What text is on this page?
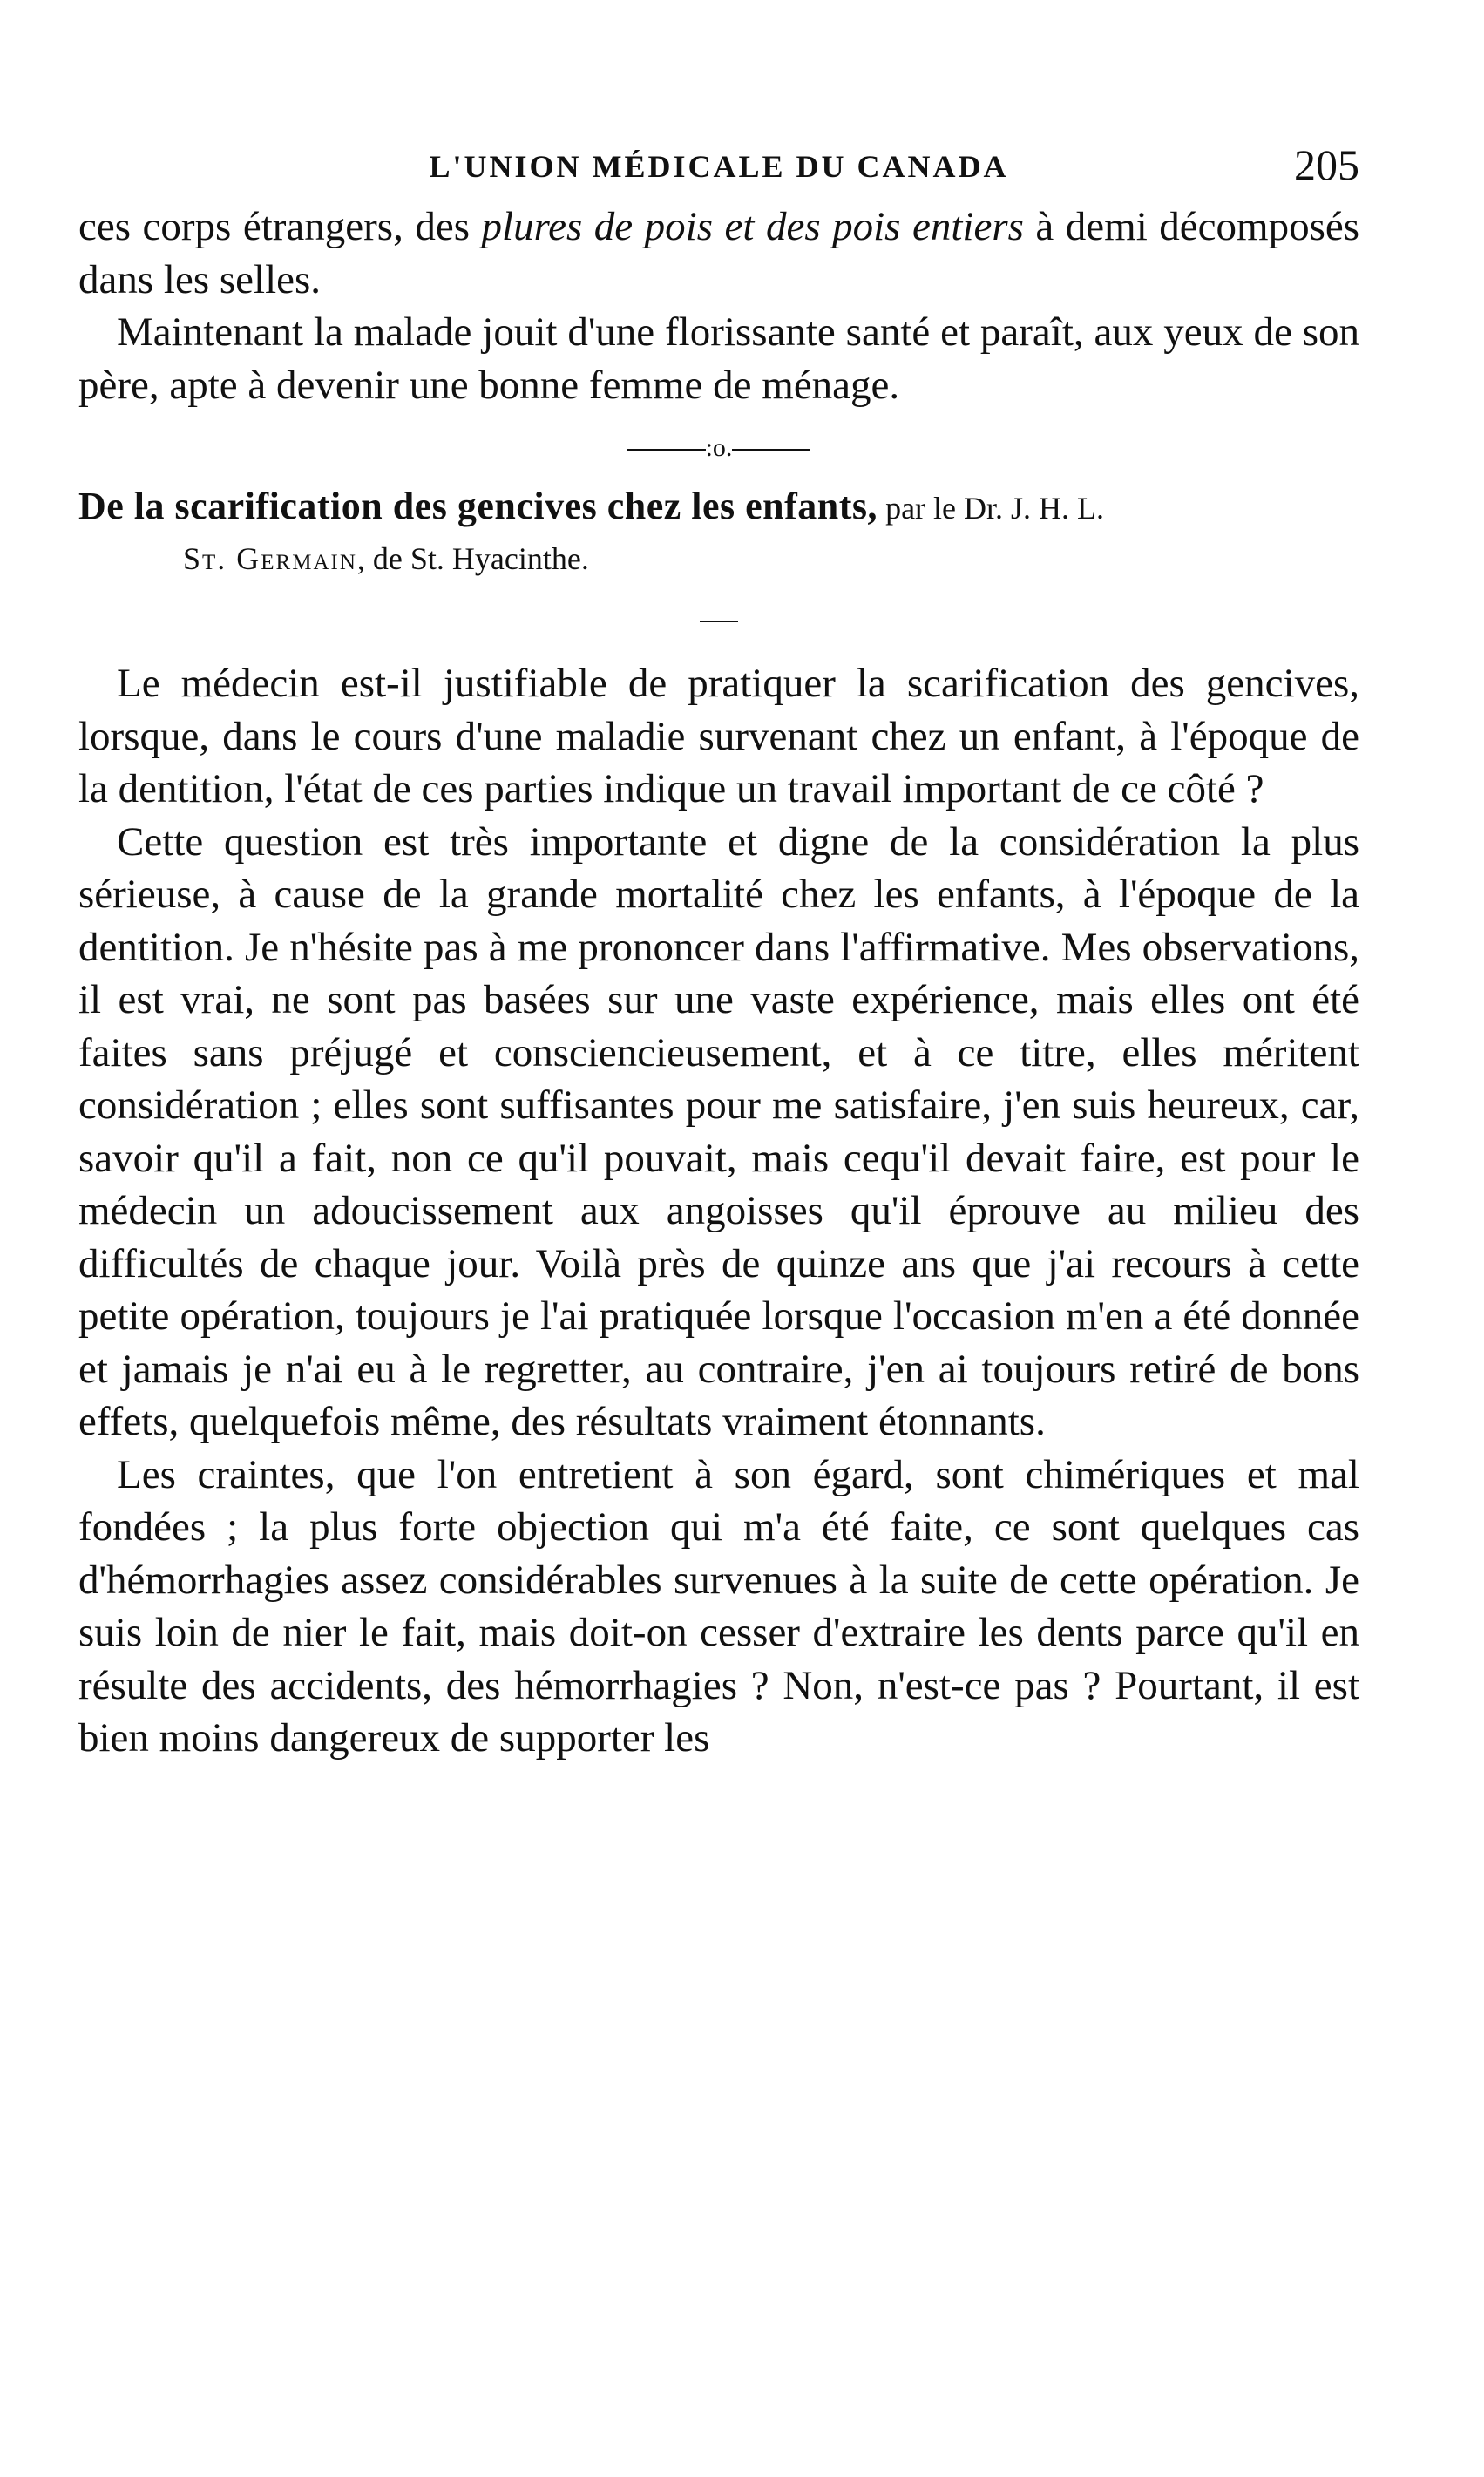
L'UNION MÉDICALE DU CANADA	205

ces corps étrangers, des plures de pois et des pois entiers à demi décomposés dans les selles.

Maintenant la malade jouit d'une florissante santé et paraît, aux yeux de son père, apte à devenir une bonne femme de ménage.

:o.
De la scarification des gencives chez les enfants, par le Dr. J. H. L.
St. Germain, de St. Hyacinthe.

Le médecin est-il justifiable de pratiquer la scarification des gencives, lorsque, dans le cours d'une maladie survenant chez un enfant, à l'époque de la dentition, l'état de ces parties indique un travail important de ce côté ?

Cette question est très importante et digne de la considération la plus sérieuse, à cause de la grande mortalité chez les enfants, à l'époque de la dentition. Je n'hésite pas à me prononcer dans l'affirmative. Mes observations, il est vrai, ne sont pas basées sur une vaste expérience, mais elles ont été faites sans préjugé et consciencieusement, et à ce titre, elles méritent considération ; elles sont suffisantes pour me satisfaire, j'en suis heureux, car, savoir qu'il a fait, non ce qu'il pouvait, mais cequ'il devait faire, est pour le médecin un adoucissement aux angoisses qu'il éprouve au milieu des difficultés de chaque jour. Voilà près de quinze ans que j'ai recours à cette petite opération, toujours je l'ai pratiquée lorsque l'occasion m'en a été donnée et jamais je n'ai eu à le regretter, au contraire, j'en ai toujours retiré de bons effets, quelquefois même, des résultats vraiment étonnants.

Les craintes, que l'on entretient à son égard, sont chimériques et mal fondées ; la plus forte objection qui m'a été faite, ce sont quelques cas d'hémorrhagies assez considérables survenues à la suite de cette opération. Je suis loin de nier le fait, mais doit-on cesser d'extraire les dents parce qu'il en résulte des accidents, des hémorrhagies ? Non, n'est-ce pas ? Pourtant, il est bien moins dangereux de supporter les
